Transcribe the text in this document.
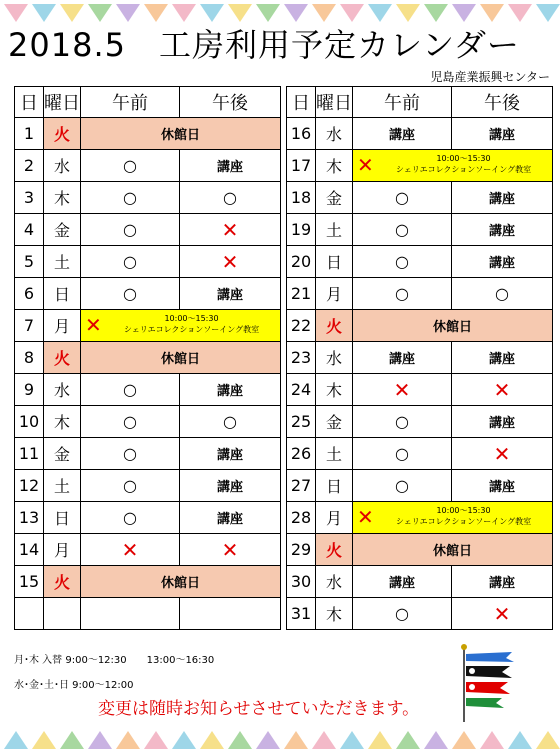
2018.5　工房利用予定カレンダー
児島産業振興センター
日	曜日	午前	午後
1	火	休館日	
2	水	○	講座
3	木	○	○
4	金	○	✕
5	土	○	✕
6	日	○	講座
7	月	✕ 10:00～15:30
シェリエコレクションソーイング教室	

8	火	休館日	
9	水	○	講座
10	木	○	○
11	金	○	講座
12	土	○	講座
13	日	○	講座
14	月	✕	✕
15	火	休館日	

日	曜日	午前	午後
16	水	講座	講座
17	木	✕ 10:00～15:30
シェリエコレクションソーイング教室	

18	金	○	講座
19	土	○	講座
20	日	○	講座
21	月	○	○
22	火	休館日	
23	水	講座	講座
24	木	✕	✕
25	金	○	講座
26	土	○	✕
27	日	○	講座
28	月	✕ 10:00～15:30
シェリエコレクションソーイング教室	

29	火	休館日	
30	水	講座	講座
31	木	○	✕
月･木 入替 9:00～12:30　　13:00～16:30
水･金･土･日 9:00～12:00
変更は随時お知らせさせていただきます。
